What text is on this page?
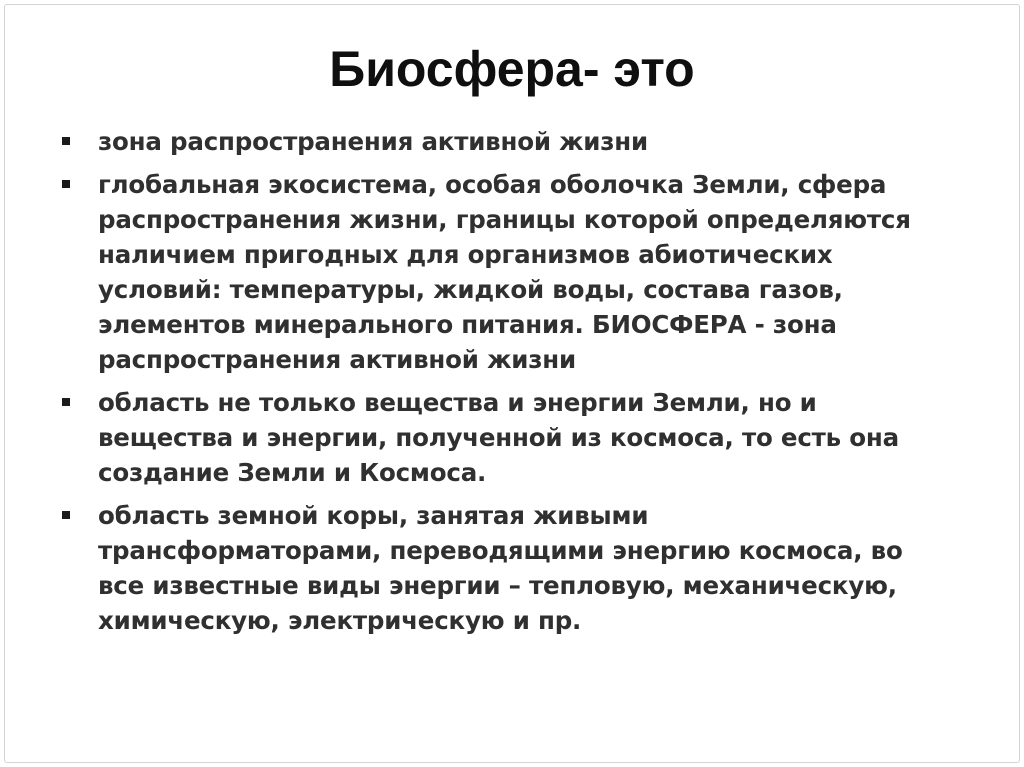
Биосфера- это
зона распространения активной жизни
глобальная экосистема, особая оболочка Земли, сфера
распространения жизни, границы которой определяются
наличием пригодных для организмов абиотических
условий: температуры, жидкой воды, состава газов,
элементов минерального питания. БИОСФЕРА - зона
распространения активной жизни
область не только вещества и энергии Земли, но и
вещества и энергии, полученной из космоса, то есть она
создание Земли и Космоса.
область земной коры, занятая живыми
трансформаторами, переводящими энергию космоса, во
все известные виды энергии – тепловую, механическую,
химическую, электрическую и пр.
